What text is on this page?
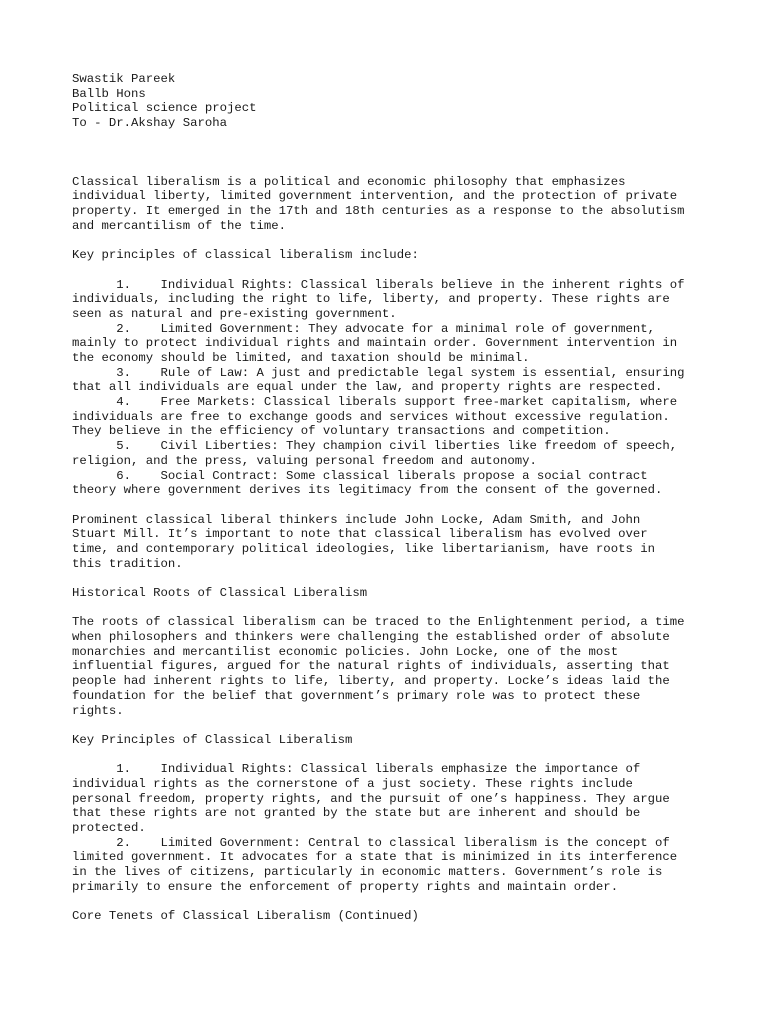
Swastik Pareek
Ballb Hons
Political science project
To - Dr.Akshay Saroha
Classical liberalism is a political and economic philosophy that emphasizes
individual liberty, limited government intervention, and the protection of private
property. It emerged in the 17th and 18th centuries as a response to the absolutism
and mercantilism of the time.
Key principles of classical liberalism include:
1.    Individual Rights: Classical liberals believe in the inherent rights of
individuals, including the right to life, liberty, and property. These rights are
seen as natural and pre-existing government.
2.    Limited Government: They advocate for a minimal role of government,
mainly to protect individual rights and maintain order. Government intervention in
the economy should be limited, and taxation should be minimal.
3.    Rule of Law: A just and predictable legal system is essential, ensuring
that all individuals are equal under the law, and property rights are respected.
4.    Free Markets: Classical liberals support free-market capitalism, where
individuals are free to exchange goods and services without excessive regulation.
They believe in the efficiency of voluntary transactions and competition.
5.    Civil Liberties: They champion civil liberties like freedom of speech,
religion, and the press, valuing personal freedom and autonomy.
6.    Social Contract: Some classical liberals propose a social contract
theory where government derives its legitimacy from the consent of the governed.
Prominent classical liberal thinkers include John Locke, Adam Smith, and John
Stuart Mill. It’s important to note that classical liberalism has evolved over
time, and contemporary political ideologies, like libertarianism, have roots in
this tradition.
Historical Roots of Classical Liberalism
The roots of classical liberalism can be traced to the Enlightenment period, a time
when philosophers and thinkers were challenging the established order of absolute
monarchies and mercantilist economic policies. John Locke, one of the most
influential figures, argued for the natural rights of individuals, asserting that
people had inherent rights to life, liberty, and property. Locke’s ideas laid the
foundation for the belief that government’s primary role was to protect these
rights.
Key Principles of Classical Liberalism
1.    Individual Rights: Classical liberals emphasize the importance of
individual rights as the cornerstone of a just society. These rights include
personal freedom, property rights, and the pursuit of one’s happiness. They argue
that these rights are not granted by the state but are inherent and should be
protected.
2.    Limited Government: Central to classical liberalism is the concept of
limited government. It advocates for a state that is minimized in its interference
in the lives of citizens, particularly in economic matters. Government’s role is
primarily to ensure the enforcement of property rights and maintain order.
Core Tenets of Classical Liberalism (Continued)
